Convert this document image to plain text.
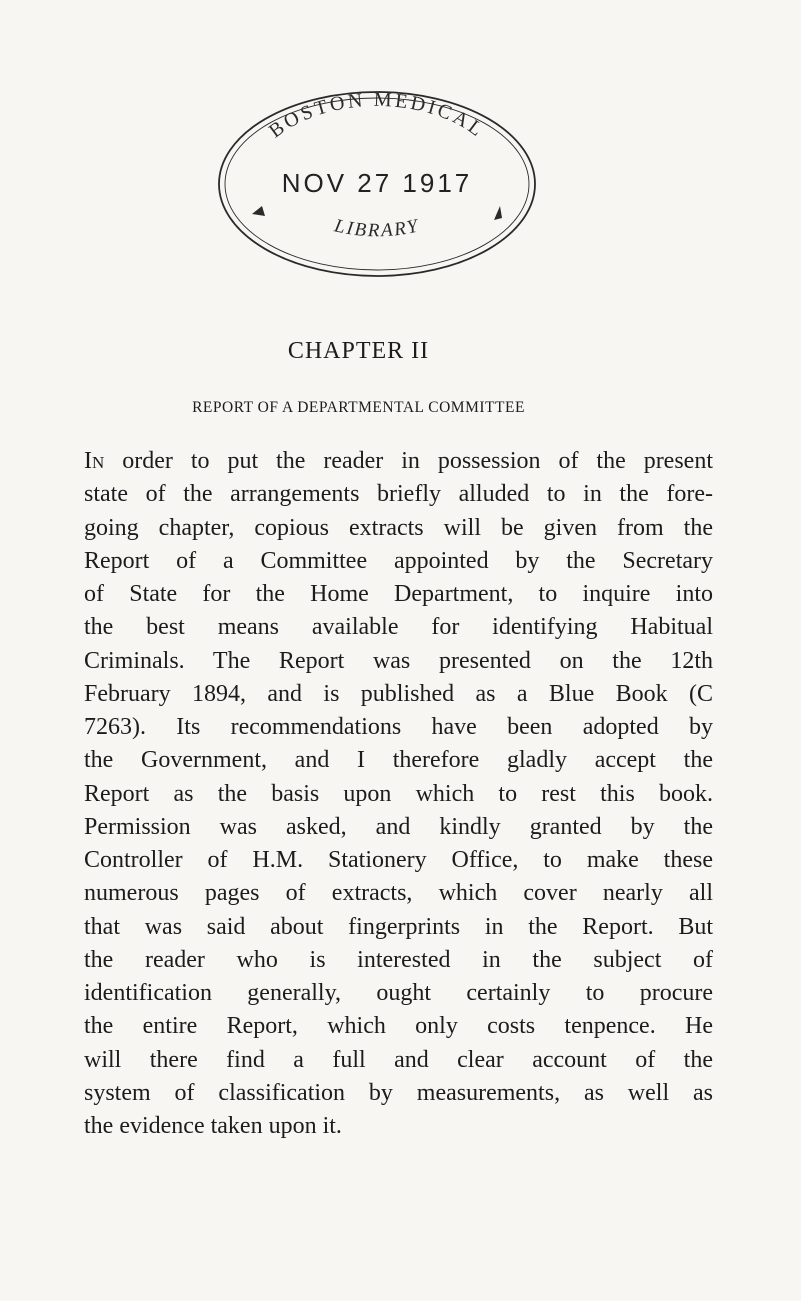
BOSTON MEDICAL
NOV 27 1917
LIBRARY
CHAPTER II
REPORT OF A DEPARTMENTAL COMMITTEE
In order to put the reader in possession of the present
state of the arrangements briefly alluded to in the fore-
going chapter, copious extracts will be given from the
Report of a Committee appointed by the Secretary
of State for the Home Department, to inquire into
the best means available for identifying Habitual
Criminals. The Report was presented on the 12th
February 1894, and is published as a Blue Book (C
7263). Its recommendations have been adopted by
the Government, and I therefore gladly accept the
Report as the basis upon which to rest this book.
Permission was asked, and kindly granted by the
Controller of H.M. Stationery Office, to make these
numerous pages of extracts, which cover nearly all
that was said about fingerprints in the Report. But
the reader who is interested in the subject of
identification generally, ought certainly to procure
the entire Report, which only costs tenpence. He
will there find a full and clear account of the
system of classification by measurements, as well as
the evidence taken upon it.
